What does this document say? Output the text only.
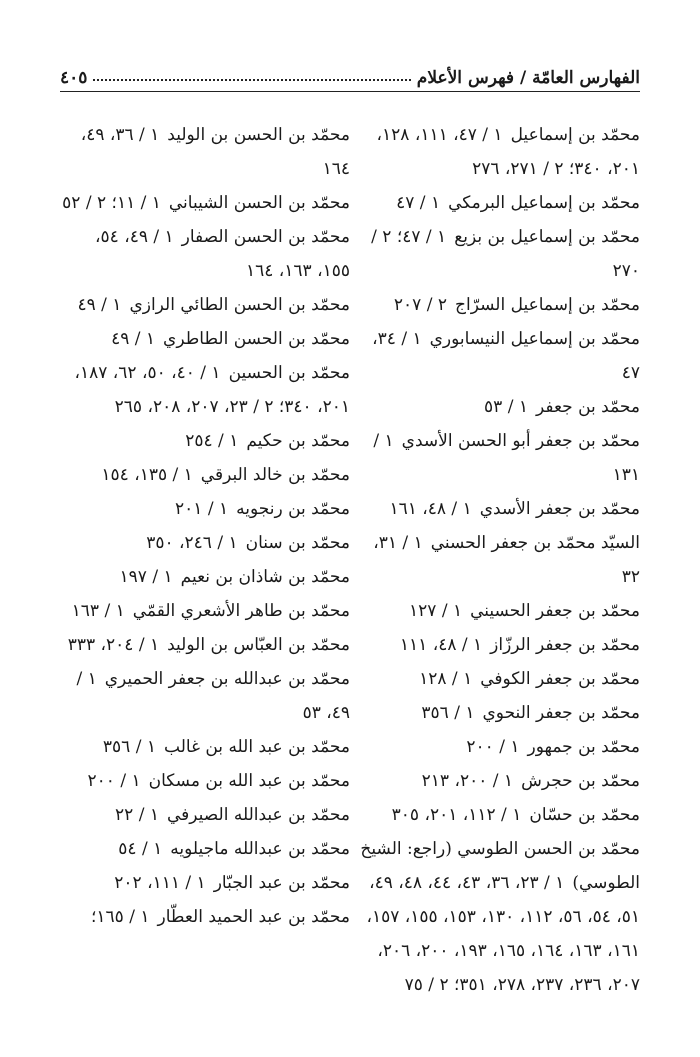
الفهارس العامّة / فهرس الأعلام
٤٠٥

محمّد بن إسماعيل١ / ٤٧، ١١١، ١٢٨، ٢٠١، ٣٤٠؛ ٢ / ٢٧١، ٢٧٦

محمّد بن إسماعيل البرمكي١ / ٤٧

محمّد بن إسماعيل بن بزيع١ / ٤٧؛ ٢ / ٢٧٠

محمّد بن إسماعيل السرّاج٢ / ٢٠٧

محمّد بن إسماعيل النيسابوري١ / ٣٤، ٤٧

محمّد بن جعفر١ / ٥٣

محمّد بن جعفر أبو الحسن الأسدي١ / ١٣١

محمّد بن جعفر الأسدي١ / ٤٨، ١٦١

السيّد محمّد بن جعفر الحسني١ / ٣١، ٣٢

محمّد بن جعفر الحسيني١ / ١٢٧

محمّد بن جعفر الرزّاز١ / ٤٨، ١١١

محمّد بن جعفر الكوفي١ / ١٢٨

محمّد بن جعفر النحوي١ / ٣٥٦

محمّد بن جمهور١ / ٢٠٠

محمّد بن حجرش١ / ٢٠٠، ٢١٣

محمّد بن حسّان١ / ١١٢، ٢٠١، ٣٠٥

محمّد بن الحسن الطوسي (راجع: الشيخ الطوسي)١ / ٢٣، ٣٦، ٤٣، ٤٤، ٤٨، ٤٩، ٥١، ٥٤، ٥٦، ١١٢، ١٣٠، ١٥٣، ١٥٥، ١٥٧، ١٦١، ١٦٣، ١٦٤، ١٦٥، ١٩٣، ٢٠٠، ٢٠٦، ٢٠٧، ٢٣٦، ٢٣٧، ٢٧٨، ٣٥١؛ ٢ / ٧٥

محمّد بن الحسن بن الوليد١ / ٣٦، ٤٩، ١٦٤

محمّد بن الحسن الشيباني١ / ١١؛ ٢ / ٥٢

محمّد بن الحسن الصفار١ / ٤٩، ٥٤، ١٥٥، ١٦٣، ١٦٤

محمّد بن الحسن الطائي الرازي١ / ٤٩

محمّد بن الحسن الطاطري١ / ٤٩

محمّد بن الحسين١ / ٤٠، ٥٠، ٦٢، ١٨٧، ٢٠١، ٣٤٠؛ ٢ / ٢٣، ٢٠٧، ٢٠٨، ٢٦٥

محمّد بن حكيم١ / ٢٥٤

محمّد بن خالد البرقي١ / ١٣٥، ١٥٤

محمّد بن رنجويه١ / ٢٠١

محمّد بن سنان١ / ٢٤٦، ٣٥٠

محمّد بن شاذان بن نعيم١ / ١٩٧

محمّد بن طاهر الأشعري القمّي١ / ١٦٣

محمّد بن العبّاس بن الوليد١ / ٢٠٤، ٣٣٣

محمّد بن عبدالله بن جعفر الحميري١ / ٤٩، ٥٣

محمّد بن عبد الله بن غالب١ / ٣٥٦

محمّد بن عبد الله بن مسكان١ / ٢٠٠

محمّد بن عبدالله الصيرفي١ / ٢٢

محمّد بن عبدالله ماجيلويه١ / ٥٤

محمّد بن عبد الجبّار١ / ١١١، ٢٠٢

محمّد بن عبد الحميد العطّار١ / ١٦٥؛
